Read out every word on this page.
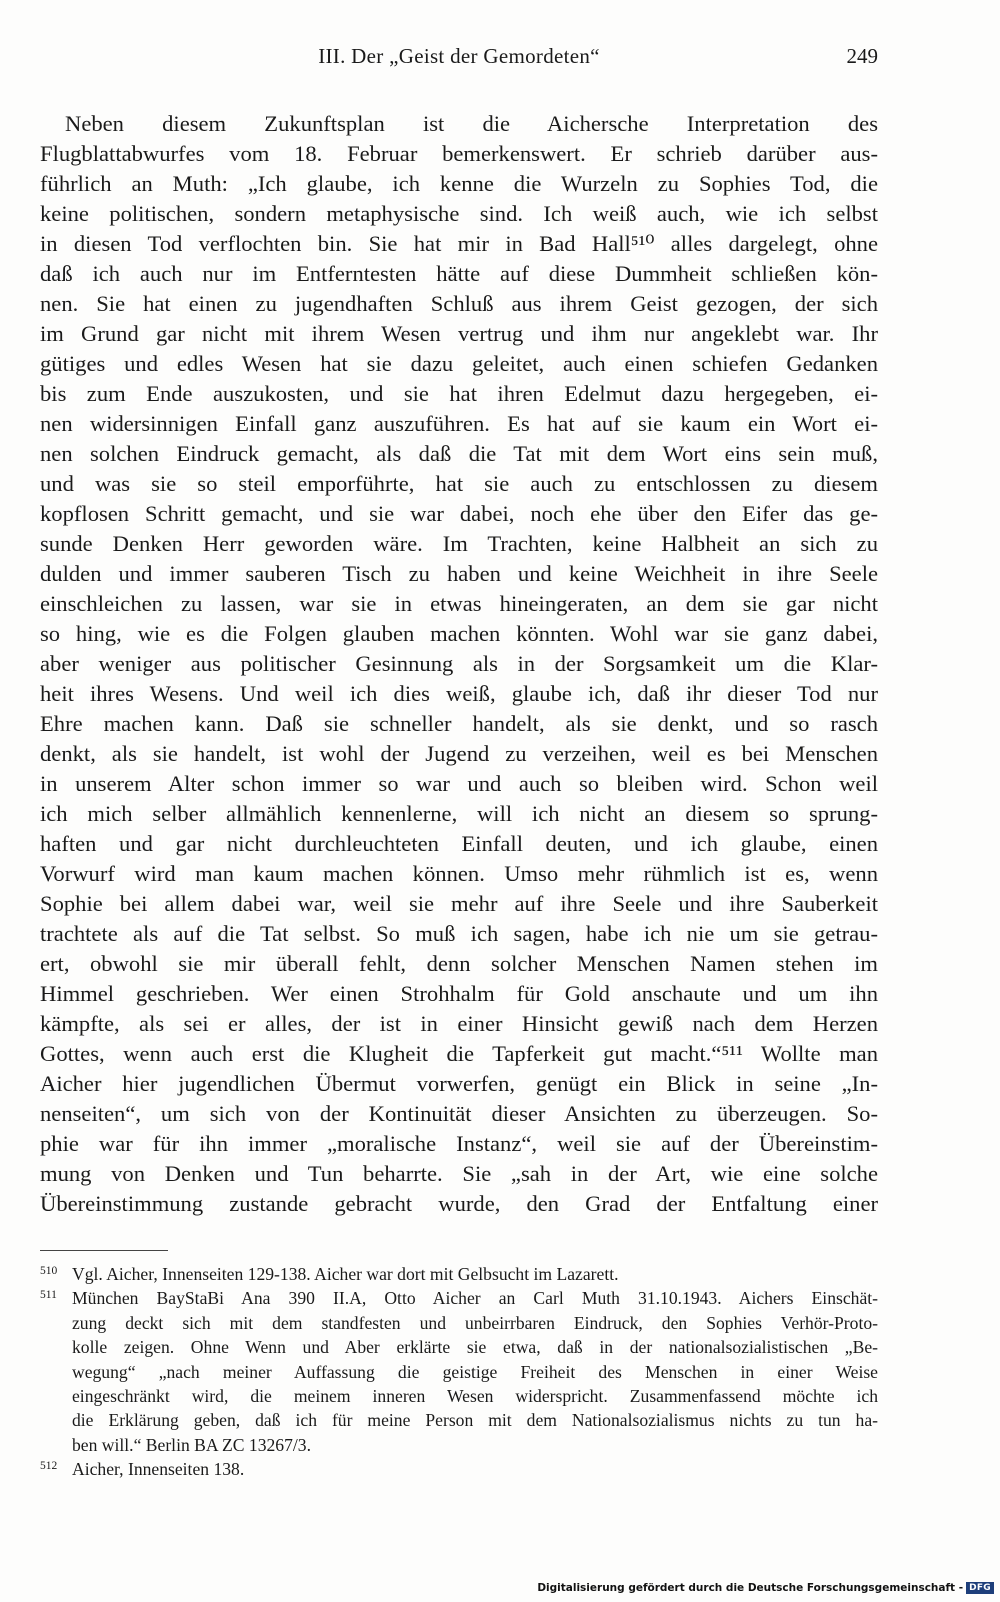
III. Der „Geist der Gemordeten“	249
Neben diesem Zukunftsplan ist die Aichersche Interpretation des
Flugblattabwurfes vom 18. Februar bemerkenswert. Er schrieb darüber aus-
führlich an Muth: „Ich glaube, ich kenne die Wurzeln zu Sophies Tod, die
keine politischen, sondern metaphysische sind. Ich weiß auch, wie ich selbst
in diesen Tod verflochten bin. Sie hat mir in Bad Hall⁵¹⁰ alles dargelegt, ohne
daß ich auch nur im Entferntesten hätte auf diese Dummheit schließen kön-
nen. Sie hat einen zu jugendhaften Schluß aus ihrem Geist gezogen, der sich
im Grund gar nicht mit ihrem Wesen vertrug und ihm nur angeklebt war. Ihr
gütiges und edles Wesen hat sie dazu geleitet, auch einen schiefen Gedanken
bis zum Ende auszukosten, und sie hat ihren Edelmut dazu hergegeben, ei-
nen widersinnigen Einfall ganz auszuführen. Es hat auf sie kaum ein Wort ei-
nen solchen Eindruck gemacht, als daß die Tat mit dem Wort eins sein muß,
und was sie so steil emporführte, hat sie auch zu entschlossen zu diesem
kopflosen Schritt gemacht, und sie war dabei, noch ehe über den Eifer das ge-
sunde Denken Herr geworden wäre. Im Trachten, keine Halbheit an sich zu
dulden und immer sauberen Tisch zu haben und keine Weichheit in ihre Seele
einschleichen zu lassen, war sie in etwas hineingeraten, an dem sie gar nicht
so hing, wie es die Folgen glauben machen könnten. Wohl war sie ganz dabei,
aber weniger aus politischer Gesinnung als in der Sorgsamkeit um die Klar-
heit ihres Wesens. Und weil ich dies weiß, glaube ich, daß ihr dieser Tod nur
Ehre machen kann. Daß sie schneller handelt, als sie denkt, und so rasch
denkt, als sie handelt, ist wohl der Jugend zu verzeihen, weil es bei Menschen
in unserem Alter schon immer so war und auch so bleiben wird. Schon weil
ich mich selber allmählich kennenlerne, will ich nicht an diesem so sprung-
haften und gar nicht durchleuchteten Einfall deuten, und ich glaube, einen
Vorwurf wird man kaum machen können. Umso mehr rühmlich ist es, wenn
Sophie bei allem dabei war, weil sie mehr auf ihre Seele und ihre Sauberkeit
trachtete als auf die Tat selbst. So muß ich sagen, habe ich nie um sie getrau-
ert, obwohl sie mir überall fehlt, denn solcher Menschen Namen stehen im
Himmel geschrieben. Wer einen Strohhalm für Gold anschaute und um ihn
kämpfte, als sei er alles, der ist in einer Hinsicht gewiß nach dem Herzen
Gottes, wenn auch erst die Klugheit die Tapferkeit gut macht.“⁵¹¹ Wollte man
Aicher hier jugendlichen Übermut vorwerfen, genügt ein Blick in seine „In-
nenseiten“, um sich von der Kontinuität dieser Ansichten zu überzeugen. So-
phie war für ihn immer „moralische Instanz“, weil sie auf der Übereinstim-
mung von Denken und Tun beharrte. Sie „sah in der Art, wie eine solche
Übereinstimmung zustande gebracht wurde, den Grad der Entfaltung einer
510 Vgl. Aicher, Innenseiten 129-138. Aicher war dort mit Gelbsucht im Lazarett.
511 München BayStaBi Ana 390 II.A, Otto Aicher an Carl Muth 31.10.1943. Aichers Einschät-
zung deckt sich mit dem standfesten und unbeirrbaren Eindruck, den Sophies Verhör-Proto-
kolle zeigen. Ohne Wenn und Aber erklärte sie etwa, daß in der nationalsozialistischen „Be-
wegung“ „nach meiner Auffassung die geistige Freiheit des Menschen in einer Weise
eingeschränkt wird, die meinem inneren Wesen widerspricht. Zusammenfassend möchte ich
die Erklärung geben, daß ich für meine Person mit dem Nationalsozialismus nichts zu tun ha-
ben will.“ Berlin BA ZC 13267/3.
512 Aicher, Innenseiten 138.
Digitalisierung gefördert durch die Deutsche Forschungsgemeinschaft - DFG
